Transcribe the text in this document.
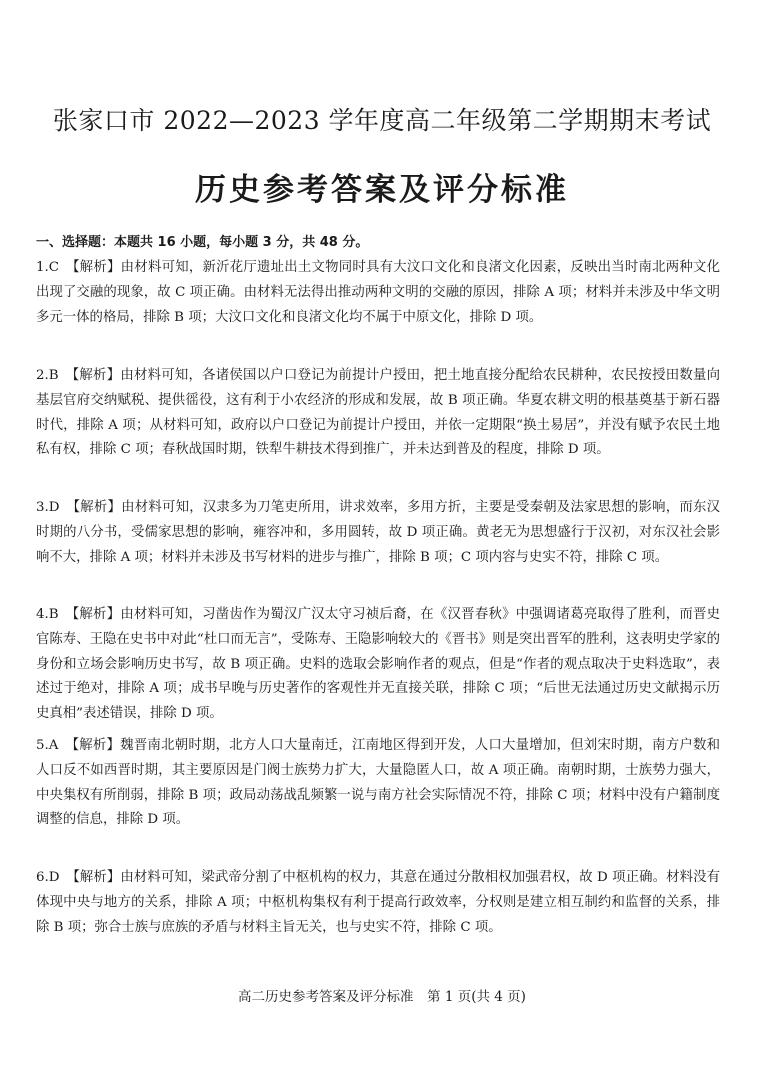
张家口市 2022—2023 学年度高二年级第二学期期末考试
历史参考答案及评分标准
一、选择题：本题共 16 小题，每小题 3 分，共 48 分。
1.C　【解析】由材料可知，新沂花厅遗址出土文物同时具有大汶口文化和良渚文化因素，反映出当时南北两种文化出现了交融的现象，故 C 项正确。由材料无法得出推动两种文明的交融的原因，排除 A 项；材料并未涉及中华文明多元一体的格局，排除 B 项；大汶口文化和良渚文化均不属于中原文化，排除 D 项。
2.B　【解析】由材料可知，各诸侯国以户口登记为前提计户授田，把土地直接分配给农民耕种，农民按授田数量向基层官府交纳赋税、提供徭役，这有利于小农经济的形成和发展，故 B 项正确。华夏农耕文明的根基奠基于新石器时代，排除 A 项；从材料可知，政府以户口登记为前提计户授田，并依一定期限“换土易居”，并没有赋予农民土地私有权，排除 C 项；春秋战国时期，铁犁牛耕技术得到推广，并未达到普及的程度，排除 D 项。
3.D　【解析】由材料可知，汉隶多为刀笔吏所用，讲求效率，多用方折，主要是受秦朝及法家思想的影响，而东汉时期的八分书，受儒家思想的影响，雍容冲和，多用圆转，故 D 项正确。黄老无为思想盛行于汉初，对东汉社会影响不大，排除 A 项；材料并未涉及书写材料的进步与推广，排除 B 项；C 项内容与史实不符，排除 C 项。
4.B　【解析】由材料可知，习凿齿作为蜀汉广汉太守习祯后裔，在《汉晋春秋》中强调诸葛亮取得了胜利，而晋史官陈寿、王隐在史书中对此“杜口而无言”，受陈寿、王隐影响较大的《晋书》则是突出晋军的胜利，这表明史学家的身份和立场会影响历史书写，故 B 项正确。史料的选取会影响作者的观点，但是“作者的观点取决于史料选取”，表述过于绝对，排除 A 项；成书早晚与历史著作的客观性并无直接关联，排除 C 项；“后世无法通过历史文献揭示历史真相”表述错误，排除 D 项。
5.A　【解析】魏晋南北朝时期，北方人口大量南迁，江南地区得到开发，人口大量增加，但刘宋时期，南方户数和人口反不如西晋时期，其主要原因是门阀士族势力扩大，大量隐匿人口，故 A 项正确。南朝时期，士族势力强大，中央集权有所削弱，排除 B 项；政局动荡战乱频繁一说与南方社会实际情况不符，排除 C 项；材料中没有户籍制度调整的信息，排除 D 项。
6.D　【解析】由材料可知，梁武帝分割了中枢机构的权力，其意在通过分散相权加强君权，故 D 项正确。材料没有体现中央与地方的关系，排除 A 项；中枢机构集权有利于提高行政效率，分权则是建立相互制约和监督的关系，排除 B 项；弥合士族与庶族的矛盾与材料主旨无关，也与史实不符，排除 C 项。
高二历史参考答案及评分标准　第 1 页(共 4 页)
